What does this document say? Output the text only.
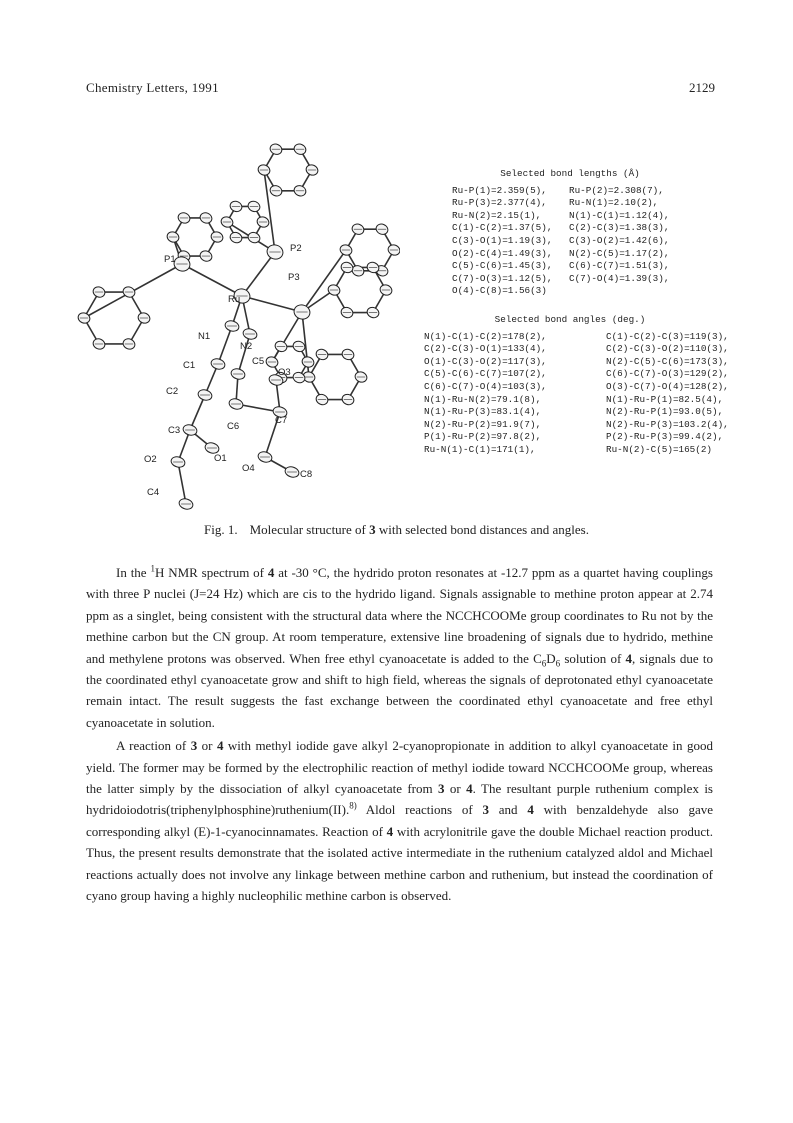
Chemistry Letters, 1991	2129
P1
P2
P3
Ru
N1
N2
C1	C5
C2
C3	C6
C7
O3
O1
O2
O4
C8
C4
Selected bond lengths (Å)
Ru-P(1)=2.359(5),	Ru-P(2)=2.308(7),
Ru-P(3)=2.377(4),	Ru-N(1)=2.10(2),
Ru-N(2)=2.15(1),	N(1)-C(1)=1.12(4),
C(1)-C(2)=1.37(5),	C(2)-C(3)=1.38(3),
C(3)-O(1)=1.19(3),	C(3)-O(2)=1.42(6),
O(2)-C(4)=1.49(3),	N(2)-C(5)=1.17(2),
C(5)-C(6)=1.45(3),	C(6)-C(7)=1.51(3),
C(7)-O(3)=1.12(5),	C(7)-O(4)=1.39(3),
O(4)-C(8)=1.56(3)
Selected bond angles (deg.)
N(1)-C(1)-C(2)=178(2),	C(1)-C(2)-C(3)=119(3),
C(2)-C(3)-O(1)=133(4),	C(2)-C(3)-O(2)=110(3),
O(1)-C(3)-O(2)=117(3),	N(2)-C(5)-C(6)=173(3),
C(5)-C(6)-C(7)=107(2),	C(6)-C(7)-O(3)=129(2),
C(6)-C(7)-O(4)=103(3),	O(3)-C(7)-O(4)=128(2),
N(1)-Ru-N(2)=79.1(8),	N(1)-Ru-P(1)=82.5(4),
N(1)-Ru-P(3)=83.1(4),	N(2)-Ru-P(1)=93.0(5),
N(2)-Ru-P(2)=91.9(7),	N(2)-Ru-P(3)=103.2(4),
P(1)-Ru-P(2)=97.8(2),	P(2)-Ru-P(3)=99.4(2),
Ru-N(1)-C(1)=171(1),	Ru-N(2)-C(5)=165(2)
Fig. 1. Molecular structure of 3 with selected bond distances and angles.

In the $^1$H NMR spectrum of 4 at -30 °C, the hydrido proton resonates at -12.7 ppm as a quartet having couplings with three P nuclei (J=24 Hz) which are cis to the hydrido ligand. Signals assignable to methine proton appear at 2.74 ppm as a singlet, being consistent with the structural data where the NCCHCOOMe group coordinates to Ru not by the methine carbon but the CN group. At room temperature, extensive line broadening of signals due to hydrido, methine and methylene protons was observed. When free ethyl cyanoacetate is added to the $C_6D_6$ solution of 4, signals due to the coordinated ethyl cyanoacetate grow and shift to high field, whereas the signals of deprotonated ethyl cyanoacetate remain intact. The result suggests the fast exchange between the coordinated ethyl cyanoacetate and free ethyl cyanoacetate in solution.

A reaction of 3 or 4 with methyl iodide gave alkyl 2-cyanopropionate in addition to alkyl cyanoacetate in good yield. The former may be formed by the electrophilic reaction of methyl iodide toward NCCHCOOMe group, whereas the latter simply by the dissociation of alkyl cyanoacetate from 3 or 4. The resultant purple ruthenium complex is hydridoiodotris(triphenylphosphine)ruthenium(II).$^{8)}$ Aldol reactions of 3 and 4 with benzaldehyde also gave corresponding alkyl (E)-1-cyanocinnamates. Reaction of 4 with acrylonitrile gave the double Michael reaction product. Thus, the present results demonstrate that the isolated active intermediate in the ruthenium catalyzed aldol and Michael reactions actually does not involve any linkage between methine carbon and ruthenium, but instead the coordination of cyano group having a highly nucleophilic methine carbon is observed.
